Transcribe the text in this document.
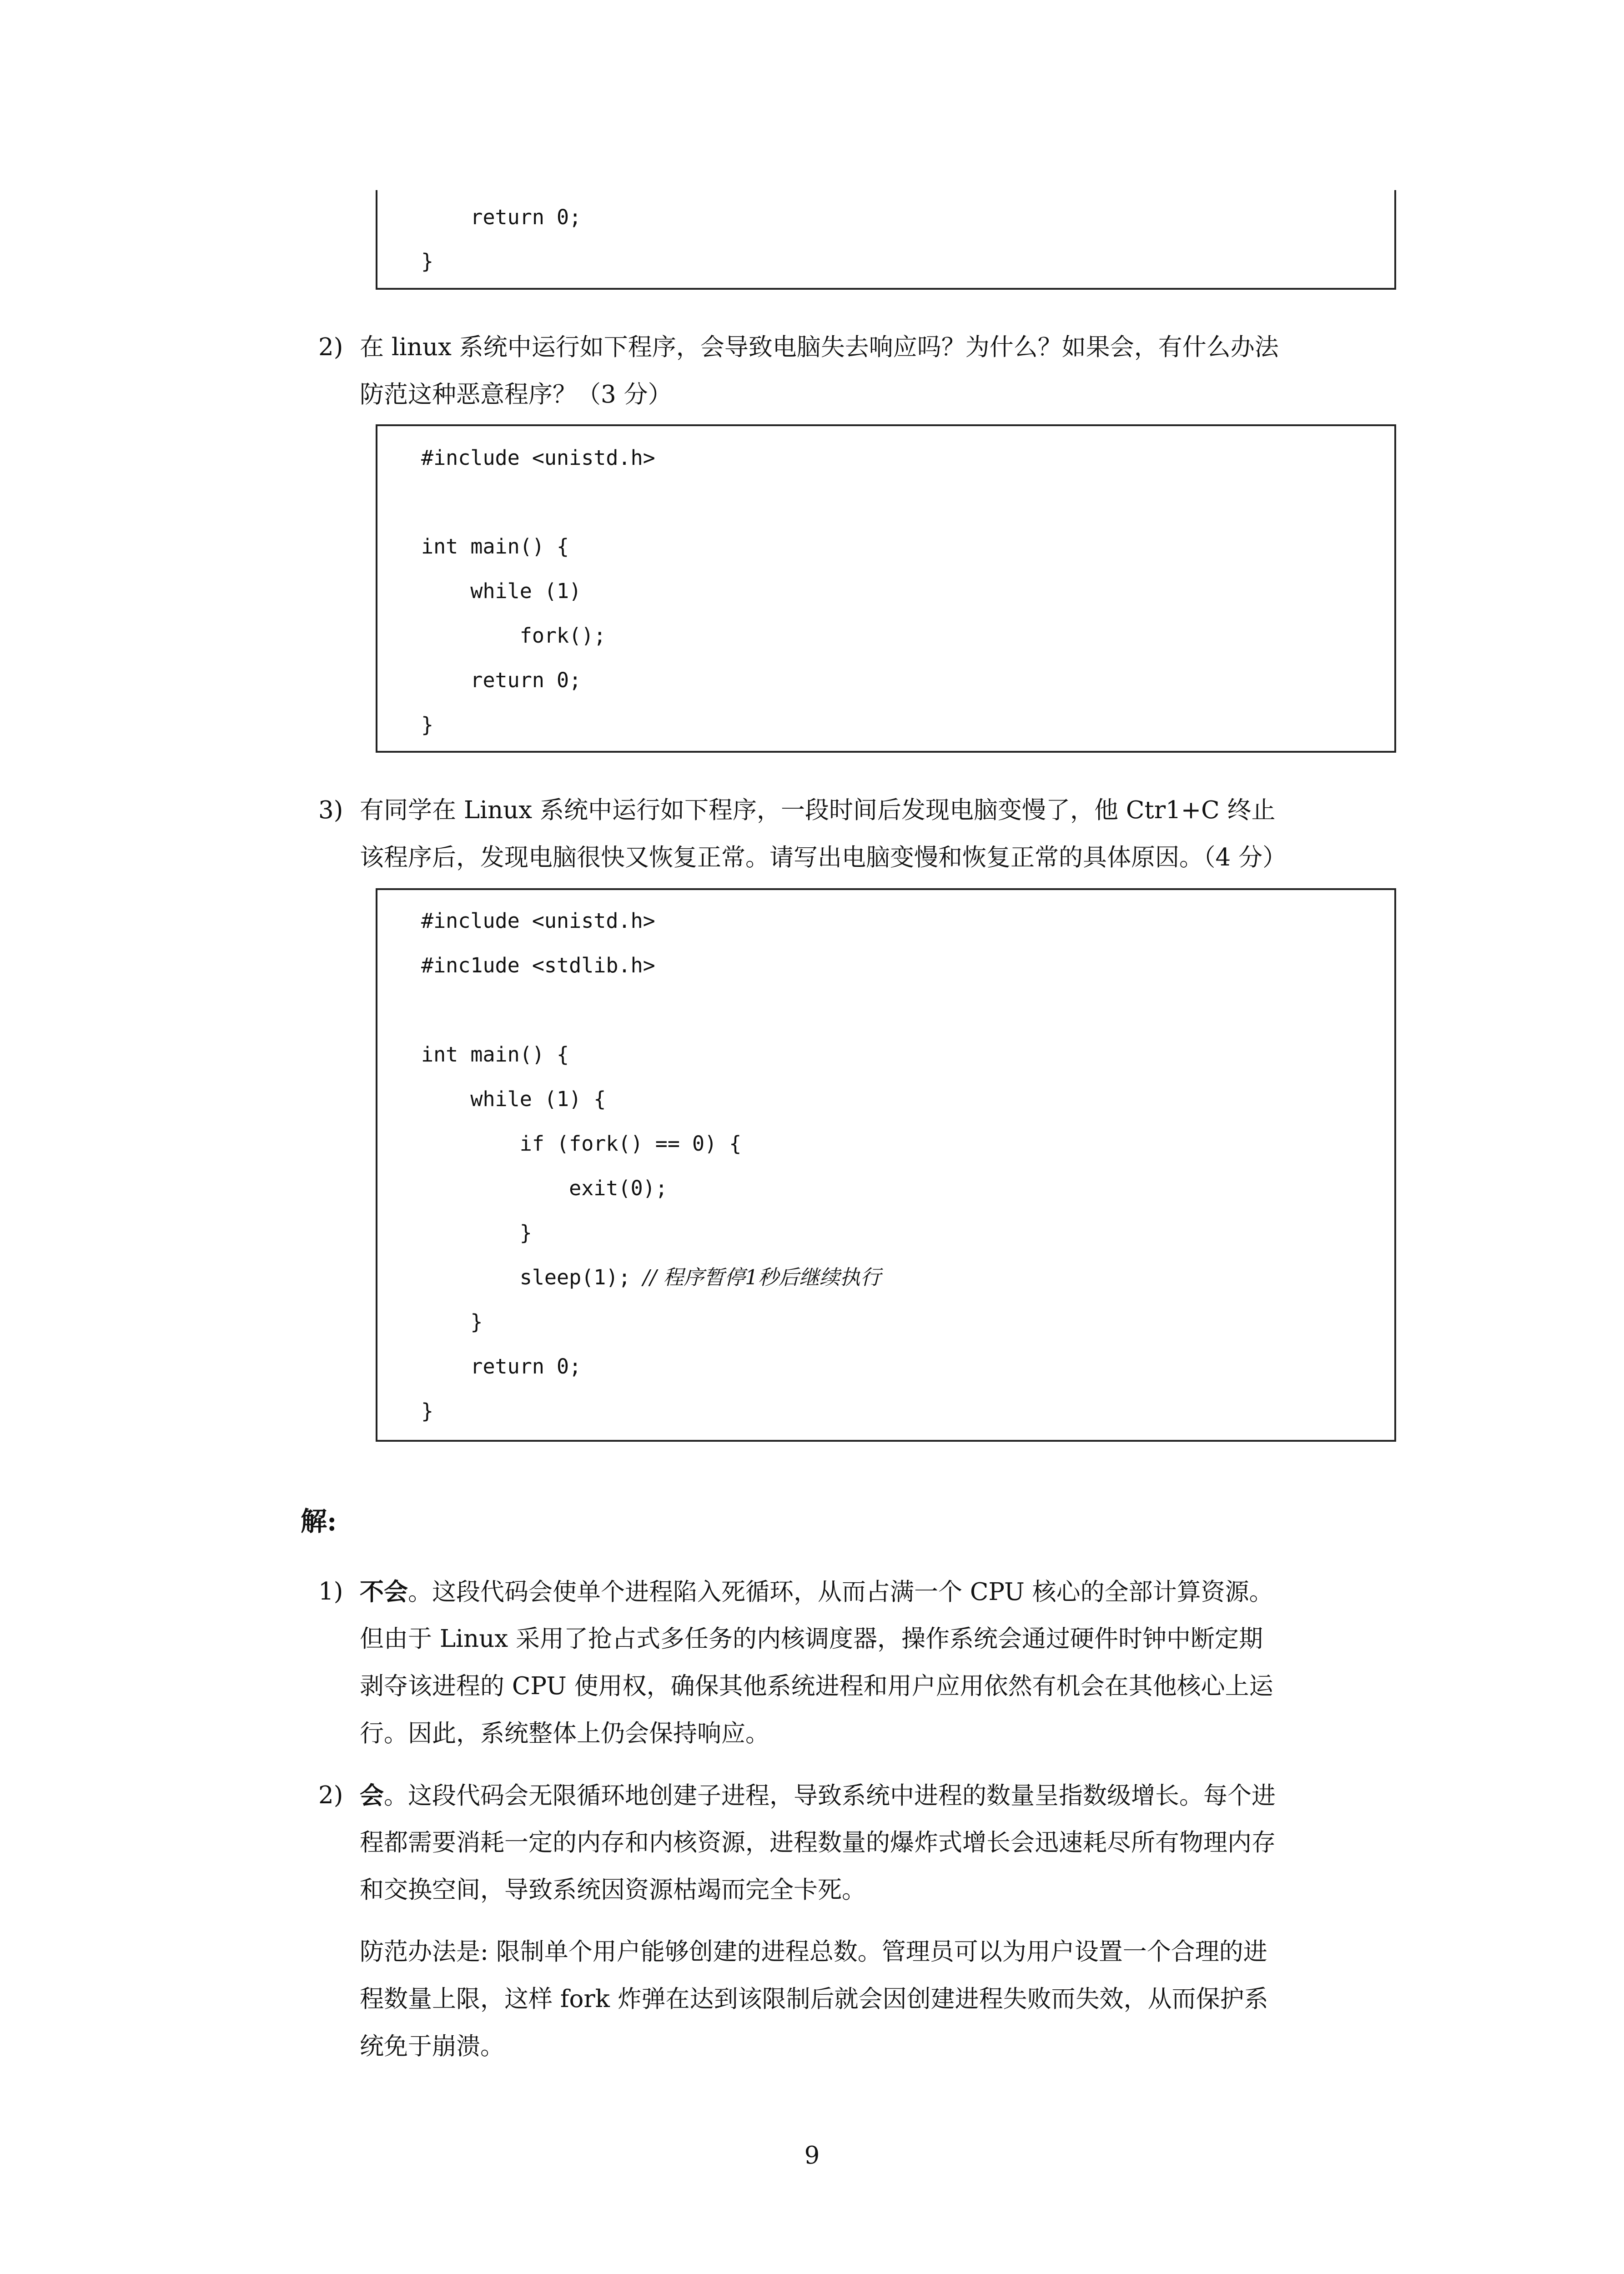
return 0;
}
2) 在 linux 系统中运行如下程序，会导致电脑失去响应吗？为什么？如果会，有什么办法
防范这种恶意程序？（3 分）
#include <unistd.h>
int main() {
while (1)
fork();
return 0;
}
3) 有同学在 Linux 系统中运行如下程序，一段时间后发现电脑变慢了，他 Ctr1+C 终止
该程序后，发现电脑很快又恢复正常。请写出电脑变慢和恢复正常的具体原因。（4 分）
#include <unistd.h>
#inc1ude <stdlib.h>
int main() {
while (1) {
if (fork() == 0) {
exit(0);
}
sleep(1); // 程序暂停1秒后继续执行
}
return 0;
}
解:
1) 不会。这段代码会使单个进程陷入死循环，从而占满一个 CPU 核心的全部计算资源。
但由于 Linux 采用了抢占式多任务的内核调度器，操作系统会通过硬件时钟中断定期
剥夺该进程的 CPU 使用权，确保其他系统进程和用户应用依然有机会在其他核心上运
行。因此，系统整体上仍会保持响应。
2) 会。这段代码会无限循环地创建子进程，导致系统中进程的数量呈指数级增长。每个进
程都需要消耗一定的内存和内核资源，进程数量的爆炸式增长会迅速耗尽所有物理内存
和交换空间，导致系统因资源枯竭而完全卡死。
防范办法是: 限制单个用户能够创建的进程总数。管理员可以为用户设置一个合理的进
程数量上限，这样 fork 炸弹在达到该限制后就会因创建进程失败而失效，从而保护系
统免于崩溃。
9
